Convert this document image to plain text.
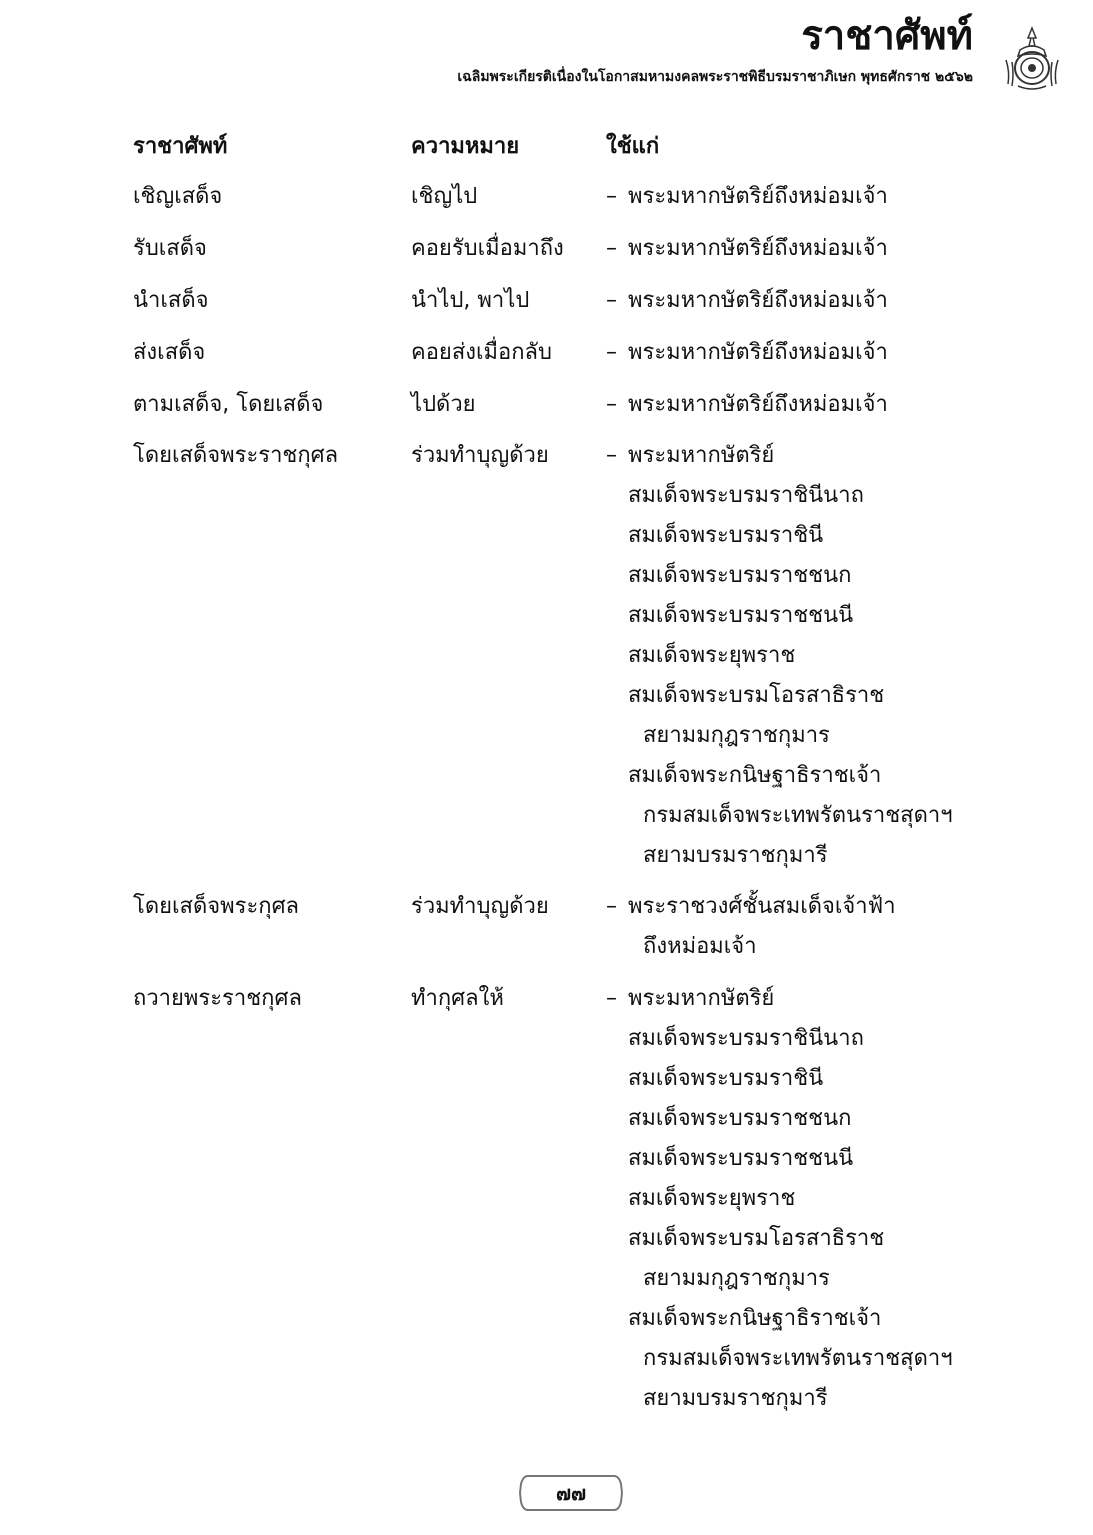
ราชาศัพท์
เฉลิมพระเกียรติเนื่องในโอกาสมหามงคลพระราชพิธีบรมราชาภิเษก พุทธศักราช ๒๕๖๒
ราชาศัพท์	ความหมาย	ใช้แก่
เชิญเสด็จ	เชิญไป	– พระมหากษัตริย์ถึงหม่อมเจ้า
รับเสด็จ	คอยรับเมื่อมาถึง – พระมหากษัตริย์ถึงหม่อมเจ้า
นำเสด็จ	นำไป, พาไป	– พระมหากษัตริย์ถึงหม่อมเจ้า
ส่งเสด็จ	คอยส่งเมื่อกลับ – พระมหากษัตริย์ถึงหม่อมเจ้า
ตามเสด็จ, โดยเสด็จ	ไปด้วย	– พระมหากษัตริย์ถึงหม่อมเจ้า
โดยเสด็จพระราชกุศล	ร่วมทำบุญด้วย	– พระมหากษัตริย์
สมเด็จพระบรมราชินีนาถ
สมเด็จพระบรมราชินี
สมเด็จพระบรมราชชนก
สมเด็จพระบรมราชชนนี
สมเด็จพระยุพราช
สมเด็จพระบรมโอรสาธิราช
สยามมกุฎราชกุมาร
สมเด็จพระกนิษฐาธิราชเจ้า
กรมสมเด็จพระเทพรัตนราชสุดาฯ
สยามบรมราชกุมารี
โดยเสด็จพระกุศล	ร่วมทำบุญด้วย	– พระราชวงศ์ชั้นสมเด็จเจ้าฟ้า
ถึงหม่อมเจ้า
ถวายพระราชกุศล	ทำกุศลให้	– พระมหากษัตริย์
สมเด็จพระบรมราชินีนาถ
สมเด็จพระบรมราชินี
สมเด็จพระบรมราชชนก
สมเด็จพระบรมราชชนนี
สมเด็จพระยุพราช
สมเด็จพระบรมโอรสาธิราช
สยามมกุฎราชกุมาร
สมเด็จพระกนิษฐาธิราชเจ้า
กรมสมเด็จพระเทพรัตนราชสุดาฯ
สยามบรมราชกุมารี
๗๗
